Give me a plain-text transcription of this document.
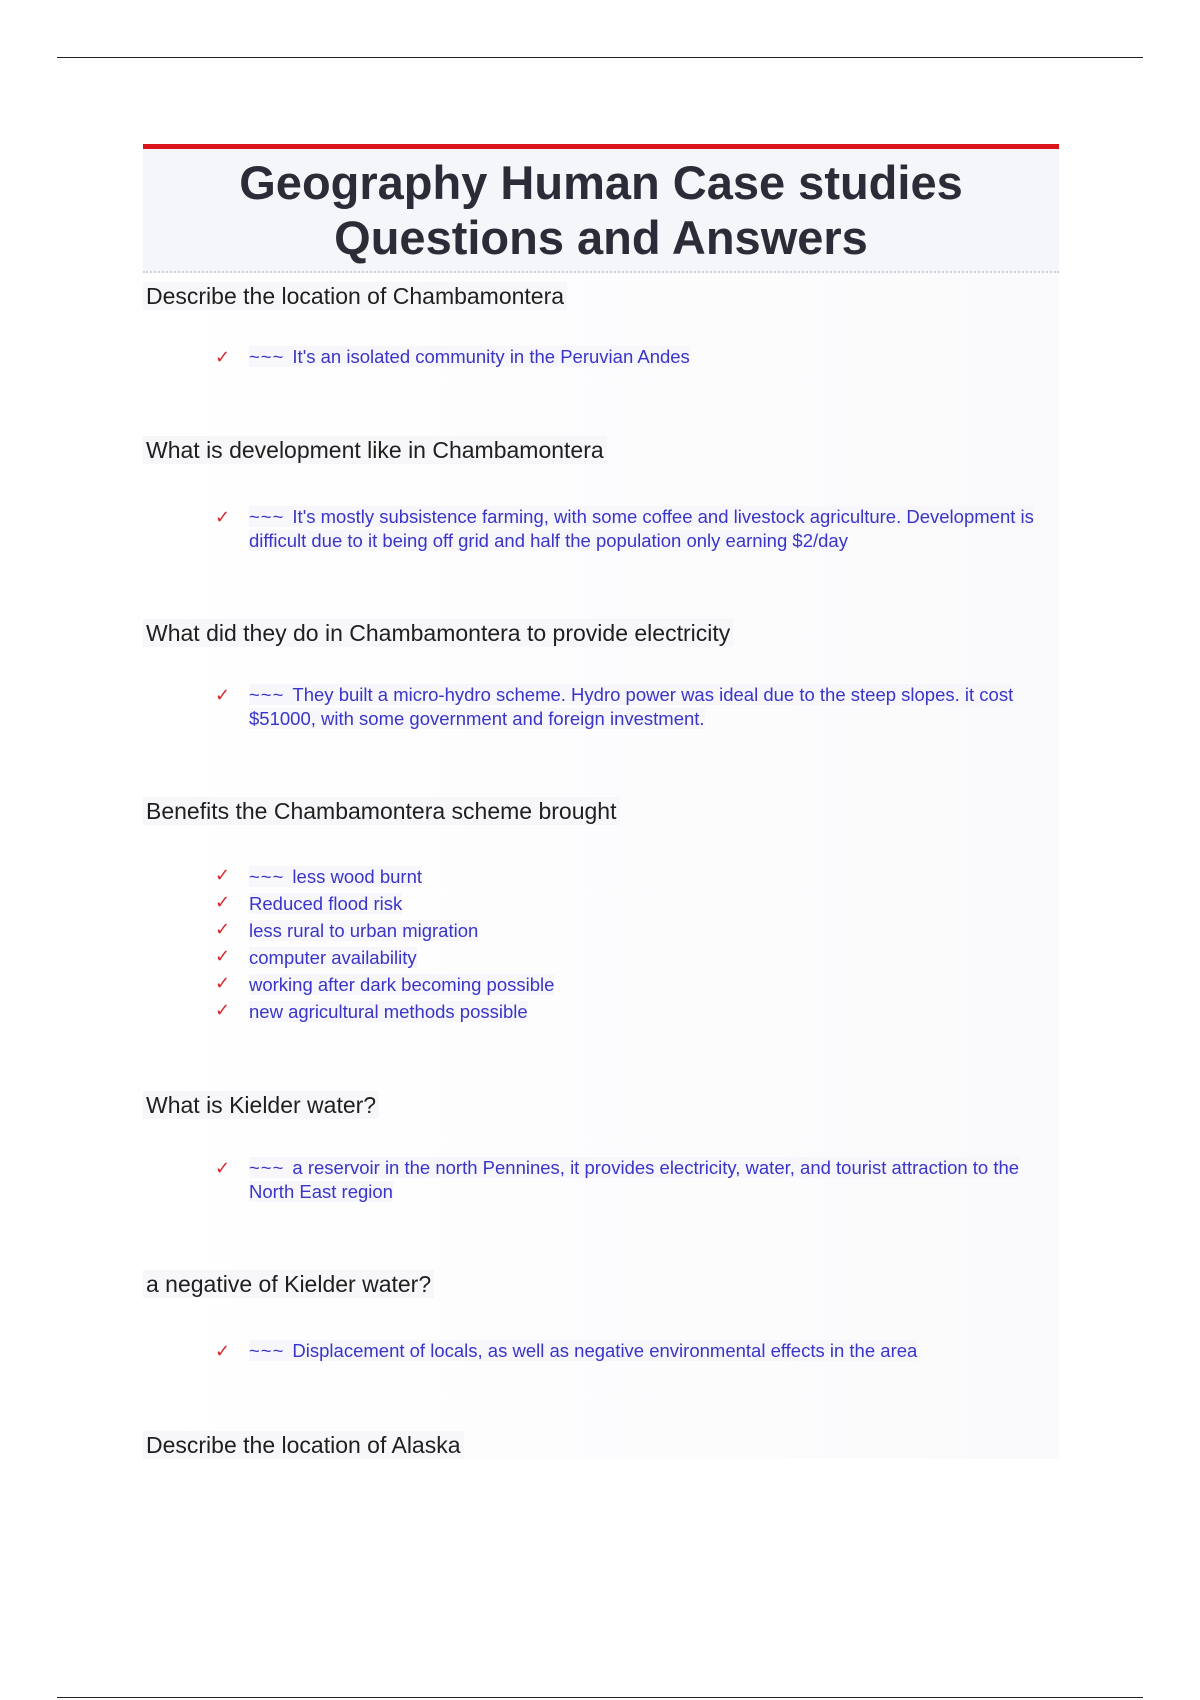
Geography Human Case studies
Questions and Answers
Describe the location of Chambamontera
✓ ~~~ It's an isolated community in the Peruvian Andes
What is development like in Chambamontera
✓ ~~~ It's mostly subsistence farming, with some coffee and livestock agriculture. Development is difficult due to it being off grid and half the population only earning $2/day
What did they do in Chambamontera to provide electricity
✓ ~~~ They built a micro-hydro scheme. Hydro power was ideal due to the steep slopes. it cost $51000, with some government and foreign investment.
Benefits the Chambamontera scheme brought
✓ ~~~ less wood burnt
✓ Reduced flood risk
✓ less rural to urban migration
✓ computer availability
✓ working after dark becoming possible
✓ new agricultural methods possible
What is Kielder water?
✓ ~~~ a reservoir in the north Pennines, it provides electricity, water, and tourist attraction to the North East region
a negative of Kielder water?
✓ ~~~ Displacement of locals, as well as negative environmental effects in the area
Describe the location of Alaska
